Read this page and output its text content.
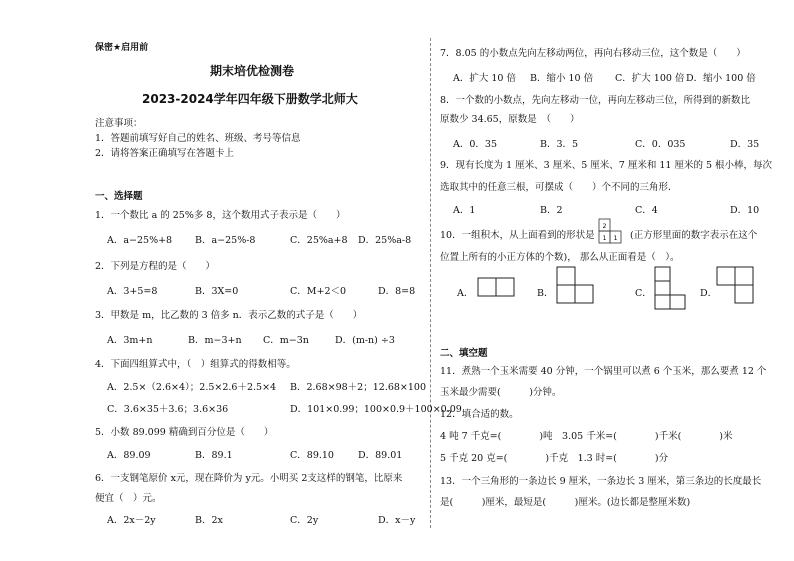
保密★启用前
期末培优检测卷
2023-2024学年四年级下册数学北师大
注意事项：
1．答题前填写好自己的姓名、班级、考号等信息
2．请将答案正确填写在答题卡上
一、选择题
1．一个数比 a 的 25%多 8，这个数用式子表示是（　　）
A．a−25%+8 B．a−25%-8	C．25%a+8 D．25%a-8
2．下列是方程的是（　　）
A．3+5=8	B．3X=0	C．M+2＜0	D．8=8
3．甲数是 m，比乙数的 3 倍多 n．表示乙数的式子是（　　）
A．3m+n	B．m−3+n C．m−3n	D．(m-n) ÷3
4．下面四组算式中，（　）组算式的得数相等。
A．2.5×（2.6×4）；2.5×2.6＋2.5×4 B．2.68×98＋2；12.68×100
C．3.6×35＋3.6；3.6×36	D．101×0.99；100×0.9＋100×0.09
5．小数 89.099 精确到百分位是（　　）
A．89.09	B．89.1	C．89.10	D．89.01
6．一支钢笔原价 x元，现在降价为 y元。小明买 2支这样的钢笔，比原来
便宜（　）元。
A．2x－2y	B．2x	C．2y	D．x－y
7．8.05 的小数点先向左移动两位，再向右移动三位，这个数是（　　）
A．扩大 10 倍 B．缩小 10 倍 C．扩大 100 倍 D．缩小 100 倍
8．一个数的小数点，先向左移动一位，再向左移动三位，所得到的新数比
原数少 34.65，原数是　（　　）
A．0．35	B．3．5	C．0．035	D．35
9．现有长度为 1 厘米、3 厘米、5 厘米、7 厘米和 11 厘米的 5 根小棒，每次
选取其中的任意三根，可摆成（　　）个不同的三角形．
A．1	B．2	C．4	D．10
10．一组积木，从上面看到的形状是
2
1 1 (正方形里面的数字表示在这个
位置上所有的小正方体的个数)， 那么从正面看是（　）。
A．	B．	C．	D．
二、填空题
11．煮熟一个玉米需要 40 分钟，一个锅里可以煮 6 个玉米，那么要煮 12 个
玉米最少需要(　　　)分钟。
12．填合适的数。
4 吨 7 千克=(　　　　)吨　3.05 千米=(　　　　)千米(　　　　)米
5 千克 20 克=(　　　　)千克　1.3 时=(　　　　)分
13．一个三角形的一条边长 9 厘米，一条边长 3 厘米，第三条边的长度最长
是(　　　)厘米，最短是(　　　)厘米。(边长都是整厘米数)
